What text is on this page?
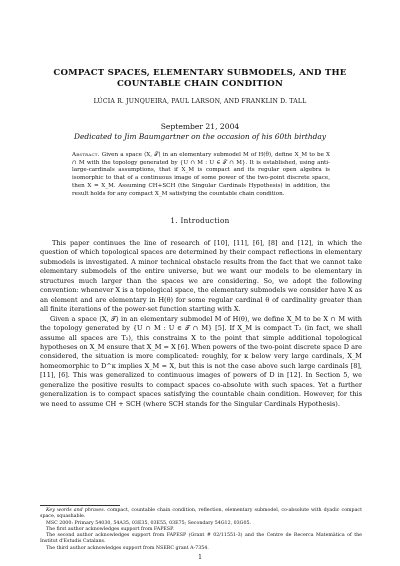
COMPACT SPACES, ELEMENTARY SUBMODELS, AND THE
COUNTABLE CHAIN CONDITION
LÚCIA R. JUNQUEIRA, PAUL LARSON, AND FRANKLIN D. TALL
September 21, 2004
Dedicated to Jim Baumgartner on the occasion of his 60th birthday
Abstract. Given a space ⟨X, 𝒯⟩ in an elementary submodel M of H(θ), define X_M to be X ∩ M with the topology generated by {U ∩ M : U ∈ 𝒯 ∩ M}. It is established, using anti-large-cardinals assumptions, that if X_M is compact and its regular open algebra is isomorphic to that of a continuous image of some power of the two-point discrete space, then X = X_M. Assuming CH+SCH (the Singular Cardinals Hypothesis) in addition, the result holds for any compact X_M satisfying the countable chain condition.
1. Introduction

This paper continues the line of research of [10], [11], [6], [8] and [12], in which the question of which topological spaces are determined by their compact reflections in elementary submodels is investigated. A minor technical obstacle results from the fact that we cannot take elementary submodels of the entire universe, but we want our models to be elementary in structures much larger than the spaces we are considering. So, we adopt the following convention: whenever X is a topological space, the elementary submodels we consider have X as an element and are elementary in H(θ) for some regular cardinal θ of cardinality greater than all finite iterations of the power-set function starting with X.

Given a space ⟨X, 𝒯⟩ in an elementary submodel M of H(θ), we define X_M to be X ∩ M with the topology generated by {U ∩ M : U ∈ 𝒯 ∩ M} [5]. If X_M is compact T₂ (in fact, we shall assume all spaces are T₂), this constrains X to the point that simple additional topological hypotheses on X_M ensure that X_M = X [6]. When powers of the two-point discrete space D are considered, the situation is more complicated: roughly, for κ below very large cardinals, X_M homeomorphic to D^κ implies X_M = X, but this is not the case above such large cardinals [8], [11], [6]. This was generalized to continuous images of powers of D in [12]. In Section 5, we generalize the positive results to compact spaces co-absolute with such spaces. Yet a further generalization is to compact spaces satisfying the countable chain condition. However, for this we need to assume CH + SCH (where SCH stands for the Singular Cardinals Hypothesis).

Key words and phrases. compact, countable chain condition, reflection, elementary submodel, co-absolute with dyadic compact space, squashable.

MSC 2000: Primary 54030, 54A35, 03E35, 03E55, 03E75; Secondary 54G12, 03G05.

The first author acknowledges support from FAPESP.

The second author acknowledges support from FAPESP (Grant # 02/11551-3) and the Centre de Recerca Matemàtica of the Institut d'Estudis Catalans.

The third author acknowledges support from NSERC grant A-7354.

1
